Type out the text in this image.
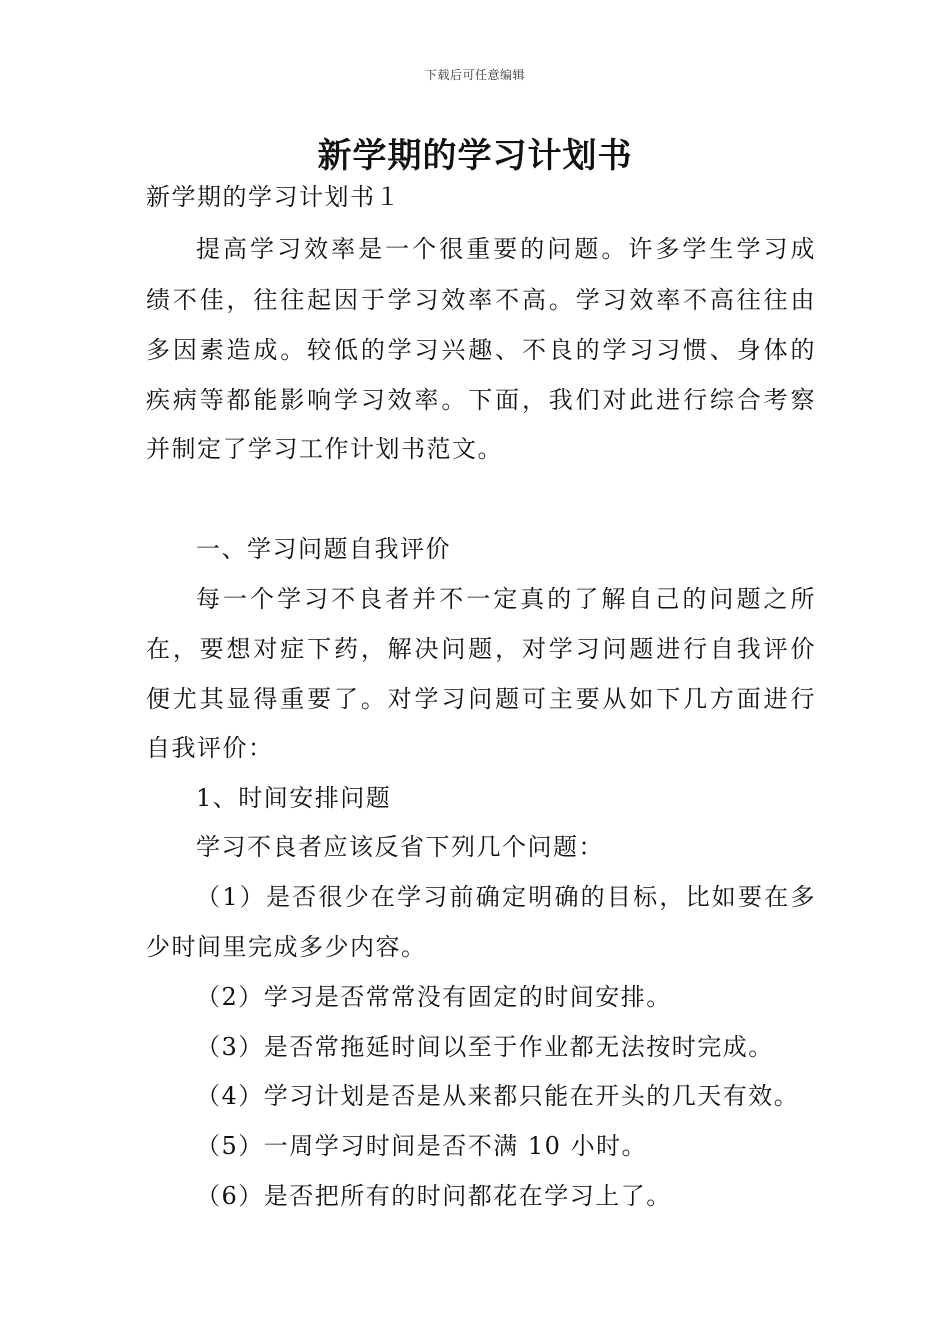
下载后可任意编辑
新学期的学习计划书
新学期的学习计划书１
提高学习效率是一个很重要的问题。许多学生学习成
绩不佳，往往起因于学习效率不高。学习效率不高往往由
多因素造成。较低的学习兴趣、不良的学习习惯、身体的
疾病等都能影响学习效率。下面，我们对此进行综合考察
并制定了学习工作计划书范文。
一、学习问题自我评价
每一个学习不良者并不一定真的了解自己的问题之所
在，要想对症下药，解决问题，对学习问题进行自我评价
便尤其显得重要了。对学习问题可主要从如下几方面进行
自我评价：
1、时间安排问题
学习不良者应该反省下列几个问题：
（1）是否很少在学习前确定明确的目标，比如要在多
少时间里完成多少内容。
（2）学习是否常常没有固定的时间安排。
（3）是否常拖延时间以至于作业都无法按时完成。
（4）学习计划是否是从来都只能在开头的几天有效。
（5）一周学习时间是否不满 10 小时。
（6）是否把所有的时问都花在学习上了。
